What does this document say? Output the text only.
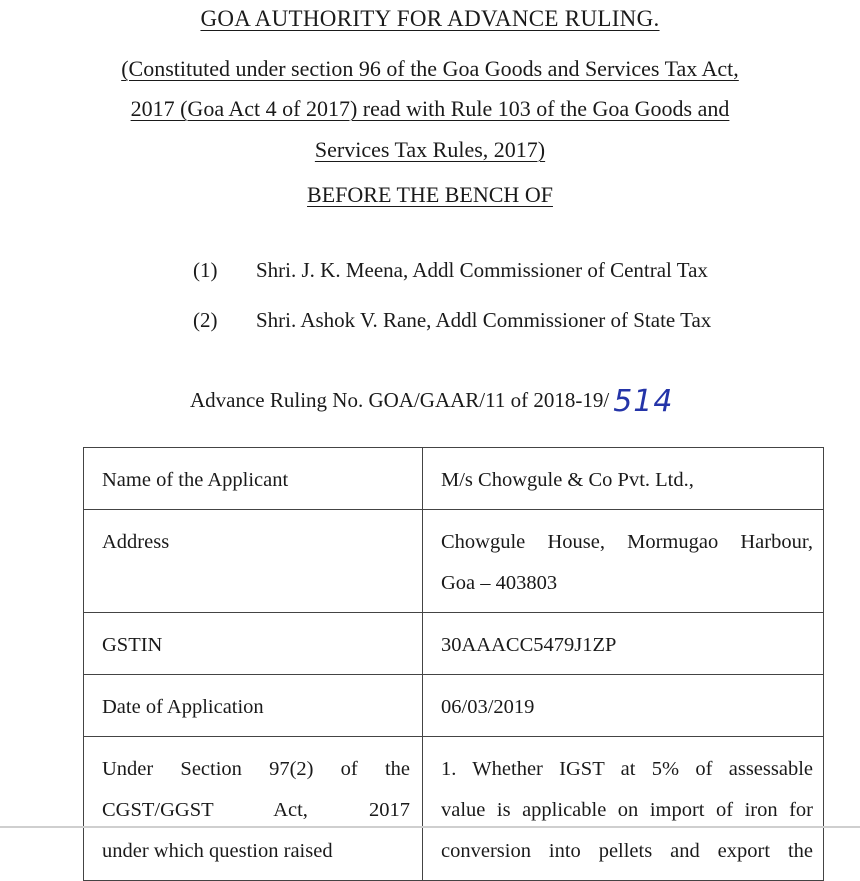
GOA AUTHORITY FOR ADVANCE RULING.
(Constituted under section 96 of the Goa Goods and Services Tax Act,
2017 (Goa Act 4 of 2017) read with Rule 103 of the Goa Goods and
Services Tax Rules, 2017)
BEFORE THE BENCH OF
(1) Shri. J. K. Meena, Addl Commissioner of Central Tax
(2) Shri. Ashok V. Rane, Addl Commissioner of State Tax
Advance Ruling No. GOA/GAAR/11 of 2018-19/ 514
Name of the Applicant	M/s Chowgule & Co Pvt. Ltd.,

Address	Chowgule House, Mormugao Harbour,
Goa – 403803

GSTIN	30AAACC5479J1ZP

Date of Application	06/03/2019

Under Section 97(2) of the
CGST/GGST Act, 2017
under which question raised	1. Whether IGST at 5% of assessable
value is applicable on import of iron for
conversion into pellets and export the
